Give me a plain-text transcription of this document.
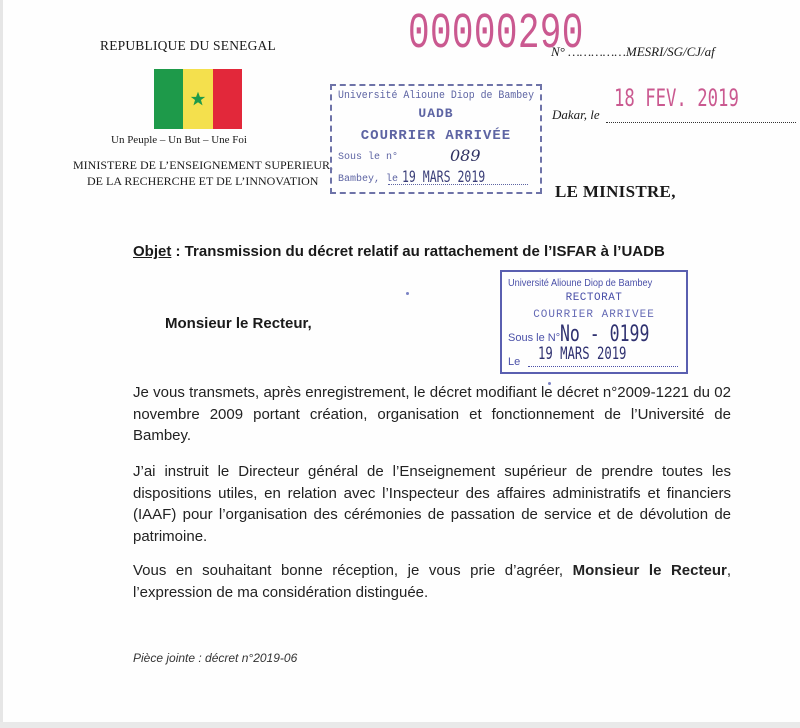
REPUBLIQUE DU SENEGAL
Un Peuple – Un But – Une Foi
MINISTERE DE L’ENSEIGNEMENT SUPERIEUR,
DE LA RECHERCHE ET DE L’INNOVATION
00000290
N° ……………MESRI/SG/CJ/af
18 FEV. 2019
Dakar, le
LE MINISTRE,
Université Alioune Diop de Bambey
UADB
COURRIER ARRIVÉE
Sous le n°	089
Bambey, le 19 MARS 2019
Université Alioune Diop de Bambey
RECTORAT
COURRIER ARRIVEE
Sous le N° No - 0199
Le 19 MARS 2019
Objet : Transmission du décret relatif au rattachement de l’ISFAR à l’UADB
Monsieur le Recteur,
Je vous transmets, après enregistrement, le décret modifiant le décret n°2009-1221 du 02 novembre 2009 portant création, organisation et fonctionnement de l’Université de Bambey.
J’ai instruit le Directeur général de l’Enseignement supérieur de prendre toutes les dispositions utiles, en relation avec l’Inspecteur des affaires administratifs et financiers (IAAF) pour l’organisation des cérémonies de passation de service et de dévolution de patrimoine.
Vous en souhaitant bonne réception, je vous prie d’agréer, Monsieur le Recteur, l’expression de ma considération distinguée.
Pièce jointe : décret n°2019-06
